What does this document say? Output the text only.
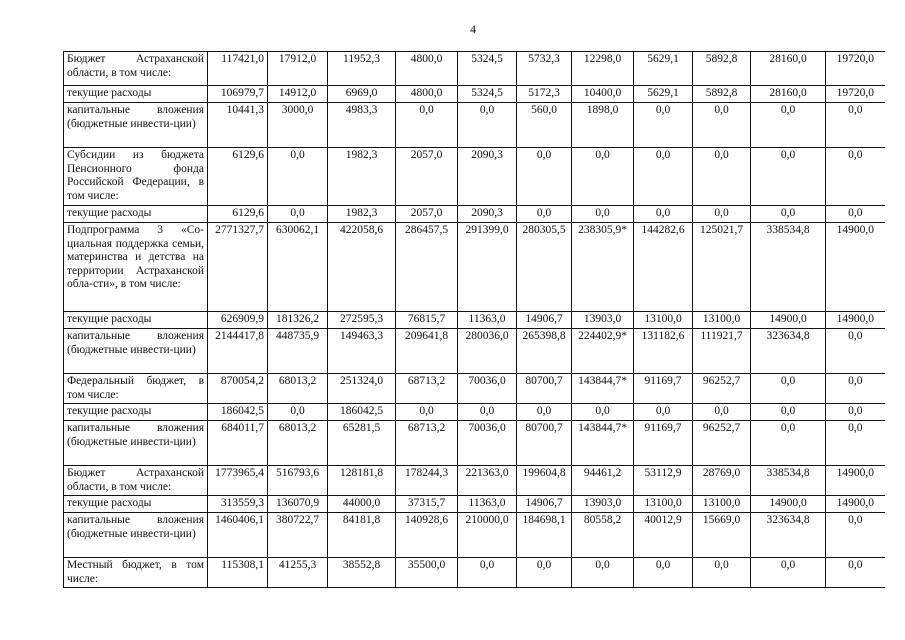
4
Бюджет Астраханской области, в том числе:	117421,0	17912,0	11952,3	4800,0	5324,5	5732,3	12298,0	5629,1	5892,8	28160,0	19720,0
текущие расходы	106979,7	14912,0	6969,0	4800,0	5324,5	5172,3	10400,0	5629,1	5892,8	28160,0	19720,0
капитальные вложения (бюджетные инвести-ции)	10441,3	3000,0	4983,3	0,0	0,0	560,0	1898,0	0,0	0,0	0,0	0,0
Субсидии из бюджета Пенсионного фонда Российской Федерации, в том числе:	6129,6	0,0	1982,3	2057,0	2090,3	0,0	0,0	0,0	0,0	0,0	0,0
текущие расходы	6129,6	0,0	1982,3	2057,0	2090,3	0,0	0,0	0,0	0,0	0,0	0,0
Подпрограмма 3 «Со-циальная поддержка семьи, материнства и детства на территории Астраханской обла-сти», в том числе:	2771327,7	630062,1	422058,6	286457,5	291399,0	280305,5	238305,9*	144282,6	125021,7	338534,8	14900,0
текущие расходы	626909,9	181326,2	272595,3	76815,7	11363,0	14906,7	13903,0	13100,0	13100,0	14900,0	14900,0
капитальные вложения (бюджетные инвести-ции)	2144417,8	448735,9	149463,3	209641,8	280036,0	265398,8	224402,9*	131182,6	111921,7	323634,8	0,0
Федеральный бюджет, в том числе:	870054,2	68013,2	251324,0	68713,2	70036,0	80700,7	143844,7*	91169,7	96252,7	0,0	0,0
текущие расходы	186042,5	0,0	186042,5	0,0	0,0	0,0	0,0	0,0	0,0	0,0	0,0
капитальные вложения (бюджетные инвести-ции)	684011,7	68013,2	65281,5	68713,2	70036,0	80700,7	143844,7*	91169,7	96252,7	0,0	0,0
Бюджет Астраханской области, в том числе:	1773965,4	516793,6	128181,8	178244,3	221363,0	199604,8	94461,2	53112,9	28769,0	338534,8	14900,0
текущие расходы	313559,3	136070,9	44000,0	37315,7	11363,0	14906,7	13903,0	13100,0	13100,0	14900,0	14900,0
капитальные вложения (бюджетные инвести-ции)	1460406,1	380722,7	84181,8	140928,6	210000,0	184698,1	80558,2	40012,9	15669,0	323634,8	0,0
Местный бюджет, в том числе:	115308,1	41255,3	38552,8	35500,0	0,0	0,0	0,0	0,0	0,0	0,0	0,0
